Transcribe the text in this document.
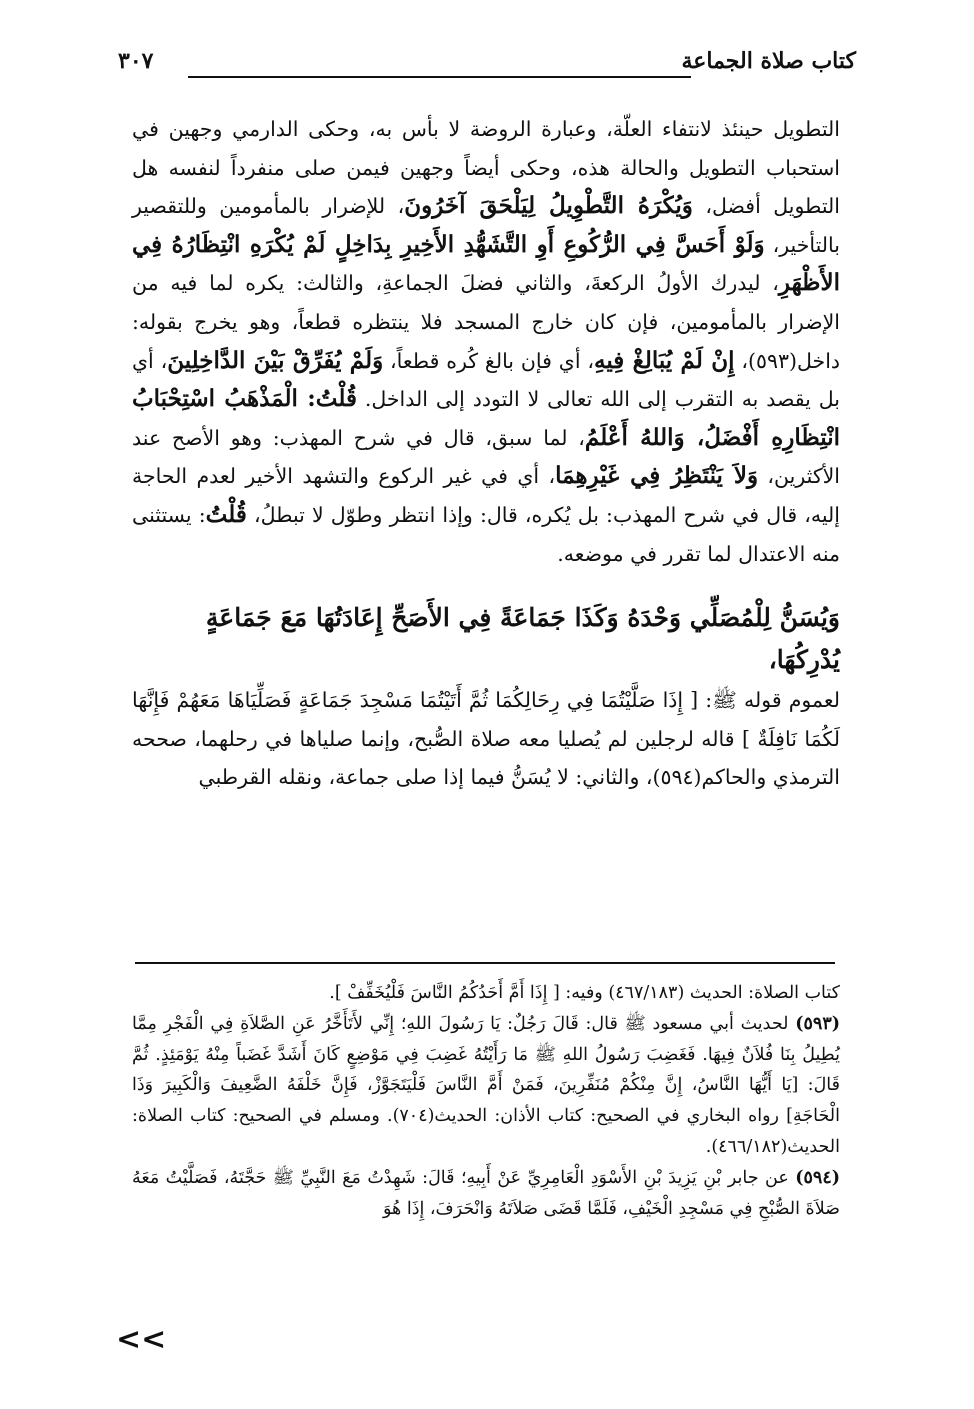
كتاب صلاة الجماعة
٣٠٧

التطويل حينئذ لانتفاء العلّة، وعبارة الروضة لا بأس به، وحكى الدارمي وجهين في استحباب التطويل والحالة هذه، وحكى أيضاً وجهين فيمن صلى منفرداً لنفسه هل التطويل أفضل، وَيُكْرَهُ التَّطْوِيلُ لِيَلْحَقَ آخَرُونَ، للإضرار بالمأمومين وللتقصير بالتأخير، وَلَوْ أَحَسَّ فِي الرُّكُوعِ أَوِ التَّشَهُّدِ الأَخِيرِ بِدَاخِلٍ لَمْ يُكْرَهِ انْتِظَارُهُ فِي الأَظْهَرِ، ليدرك الأولُ الركعةَ، والثاني فضلَ الجماعةِ، والثالث: يكره لما فيه من الإضرار بالمأمومين، فإن كان خارج المسجد فلا ينتظره قطعاً، وهو يخرج بقوله: داخل(٥٩٣)، إِنْ لَمْ يُبَالِغْ فِيهِ، أي فإن بالغ كُره قطعاً، وَلَمْ يُفَرِّقْ بَيْنَ الدَّاخِلِينَ، أي بل يقصد به التقرب إلى الله تعالى لا التودد إلى الداخل. قُلْتُ: الْمَذْهَبُ اسْتِحْبَابُ انْتِظَارِهِ أَفْضَلُ، وَاللهُ أَعْلَمُ، لما سبق، قال في شرح المهذب: وهو الأصح عند الأكثرين، وَلاَ يَنْتَظِرُ فِي غَيْرِهِمَا، أي في غير الركوع والتشهد الأخير لعدم الحاجة إليه، قال في شرح المهذب: بل يُكره، قال: وإذا انتظر وطوّل لا تبطلُ، قُلْتُ: يستثنى منه الاعتدال لما تقرر في موضعه.

وَيُسَنُّ لِلْمُصَلِّي وَحْدَهُ وَكَذَا جَمَاعَةً فِي الأَصَحِّ إِعَادَتُهَا مَعَ جَمَاعَةٍ يُدْرِكُهَا،

لعموم قوله ﷺ: [ إِذَا صَلَّيْتُمَا فِي رِحَالِكُمَا ثُمَّ أَتَيْتُمَا مَسْجِدَ جَمَاعَةٍ فَصَلِّيَاهَا مَعَهُمْ فَإِنَّهَا لَكُمَا نَافِلَةٌ ] قاله لرجلين لم يُصليا معه صلاة الصُّبح، وإنما صلياها في رحلهما، صححه الترمذي والحاكم(٥٩٤)، والثاني: لا يُسَنُّ فيما إذا صلى جماعة، ونقله القرطبي

كتاب الصلاة: الحديث (٤٦٧/١٨٣) وفيه: [ إِذَا أَمَّ أَحَدُكُمُ النَّاسَ فَلْيُخَفِّفْ ].

(٥٩٣) لحديث أبي مسعود ﷺ قال: قَالَ رَجُلٌ: يَا رَسُولَ اللهِ؛ إِنِّي لأَتَأَخَّرُ عَنِ الصَّلاَةِ فِي الْفَجْرِ مِمَّا يُطِيلُ بِنَا فُلاَنٌ فِيهَا. فَغَضِبَ رَسُولُ اللهِ ﷺ مَا رَأَيْتُهُ غَضِبَ فِي مَوْضِعٍ كَانَ أَشَدَّ غَضَباً مِنْهُ يَوْمَئِذٍ. ثُمَّ قَالَ: [يَا أَيُّهَا النَّاسُ، إِنَّ مِنْكُمْ مُنَفِّرِينَ، فَمَنْ أَمَّ النَّاسَ فَلْيَتَجَوَّزْ، فَإِنَّ خَلْفَهُ الضَّعِيفَ وَالْكَبِيرَ وَذَا الْحَاجَةِ] رواه البخاري في الصحيح: كتاب الأذان: الحديث(٧٠٤). ومسلم في الصحيح: كتاب الصلاة: الحديث(٤٦٦/١٨٢).

(٥٩٤) عن جابر بْنِ يَزِيدَ بْنِ الأَسْوَدِ الْعَامِرِيِّ عَنْ أَبِيهِ؛ قَالَ: شَهِدْتُ مَعَ النَّبِيِّ ﷺ حَجَّتَهُ، فَصَلَّيْتُ مَعَهُ صَلاَةَ الصُّبْحِ فِي مَسْجِدِ الْخَيْفِ، فَلَمَّا قَضَى صَلاَتَهُ وَانْحَرَفَ، إِذَا هُوَ

<<
